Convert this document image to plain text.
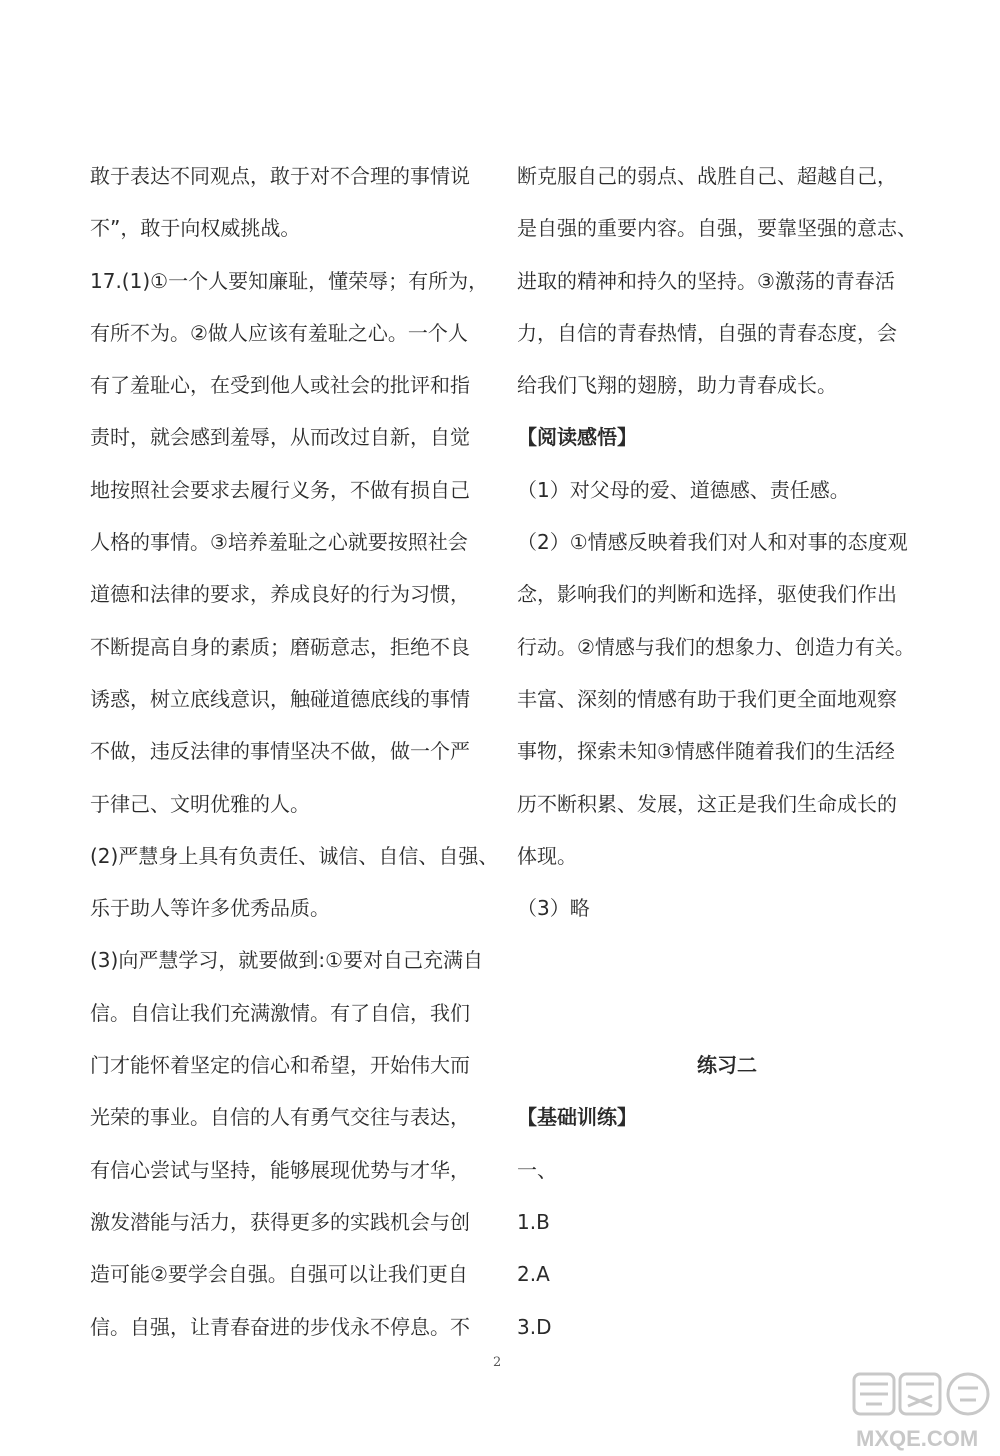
敢于表达不同观点，敢于对不合理的事情说
不”，敢于向权威挑战。
17.(1)①一个人要知廉耻，懂荣辱；有所为，
有所不为。②做人应该有羞耻之心。一个人
有了羞耻心，在受到他人或社会的批评和指
责时，就会感到羞辱，从而改过自新，自觉
地按照社会要求去履行义务，不做有损自己
人格的事情。③培养羞耻之心就要按照社会
道德和法律的要求，养成良好的行为习惯，
不断提高自身的素质；磨砺意志，拒绝不良
诱惑，树立底线意识，触碰道德底线的事情
不做，违反法律的事情坚决不做，做一个严
于律己、文明优雅的人。
(2)严慧身上具有负责任、诚信、自信、自强、
乐于助人等许多优秀品质。
(3)向严慧学习，就要做到:①要对自己充满自
信。自信让我们充满激情。有了自信，我们
门才能怀着坚定的信心和希望，开始伟大而
光荣的事业。自信的人有勇气交往与表达，
有信心尝试与坚持，能够展现优势与才华，
激发潜能与活力，获得更多的实践机会与创
造可能②要学会自强。自强可以让我们更自
信。自强，让青春奋进的步伐永不停息。不
断克服自己的弱点、战胜自己、超越自己，
是自强的重要内容。自强，要靠坚强的意志、
进取的精神和持久的坚持。③激荡的青春活
力，自信的青春热情，自强的青春态度，会
给我们飞翔的翅膀，助力青春成长。
【阅读感悟】
（1）对父母的爱、道德感、责任感。
（2）①情感反映着我们对人和对事的态度观
念，影响我们的判断和选择，驱使我们作出
行动。②情感与我们的想象力、创造力有关。
丰富、深刻的情感有助于我们更全面地观察
事物，探索未知③情感伴随着我们的生活经
历不断积累、发展，这正是我们生命成长的
体现。
（3）略
练习二
【基础训练】
一、
1.B
2.A
3.D
2
MXQE.COM
